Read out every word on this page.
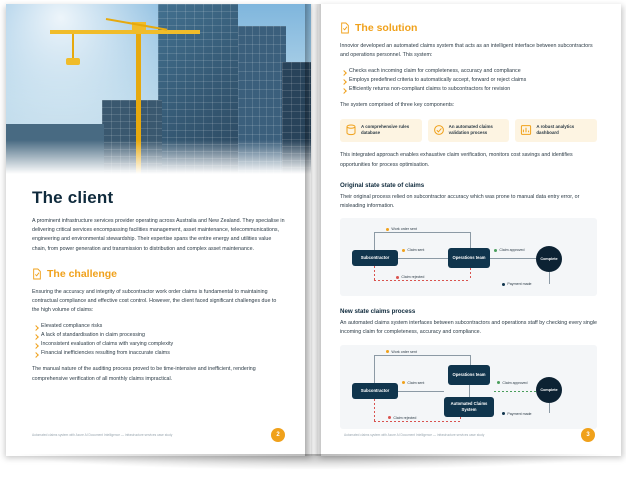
The client

A prominent infrastructure services provider operating across Australia and New Zealand. They specialise in delivering critical services encompassing facilities management, asset maintenance, telecommunications, engineering and environmental stewardship. Their expertise spans the entire energy and utilities value chain, from power generation and transmission to distribution and complex asset maintenance.

The challenge

Ensuring the accuracy and integrity of subcontractor work order claims is fundamental to maintaining contractual compliance and effective cost control. However, the client faced significant challenges due to the high volume of claims:

Elevated compliance risks
A lack of standardisation in claim processing
Inconsistent evaluation of claims with varying complexity
Financial inefficiencies resulting from inaccurate claims

The manual nature of the auditing process proved to be time-intensive and inefficient, rendering comprehensive verification of all monthly claims impractical.

Automated claims system with Azure AI Document Intelligence — infrastructure services case study	2
The solution

Innovior developed an automated claims system that acts as an intelligent interface between subcontractors and operations personnel. This system:

Checks each incoming claim for completeness, accuracy and compliance
Employs predefined criteria to automatically accept, forward or reject claims
Efficiently returns non-compliant claims to subcontractors for revision

The system comprised of three key components:

A comprehensive rules database
An automated claims validation process
A robust analytics dashboard

This integrated approach enables exhaustive claim verification, monitors cost savings and identifies opportunities for process optimisation.

Original state state of claims

Their original process relied on subcontractor accuracy which was prone to manual data entry error, or misleading information.

Subcontractor	Operations team	Complete
Work order sent
Claim sent	Claim approved
Claim rejected
Payment made
New state claims process

An automated claims system interfaces between subcontractors and operations staff by checking every single incoming claim for completeness, accuracy and compliance.

Subcontractor
Operations team
Automated Claims System
Complete
Work order sent
Claim sent	Claim approved
Claim rejected
Payment made
Automated claims system with Azure AI Document Intelligence — infrastructure services case study	3
